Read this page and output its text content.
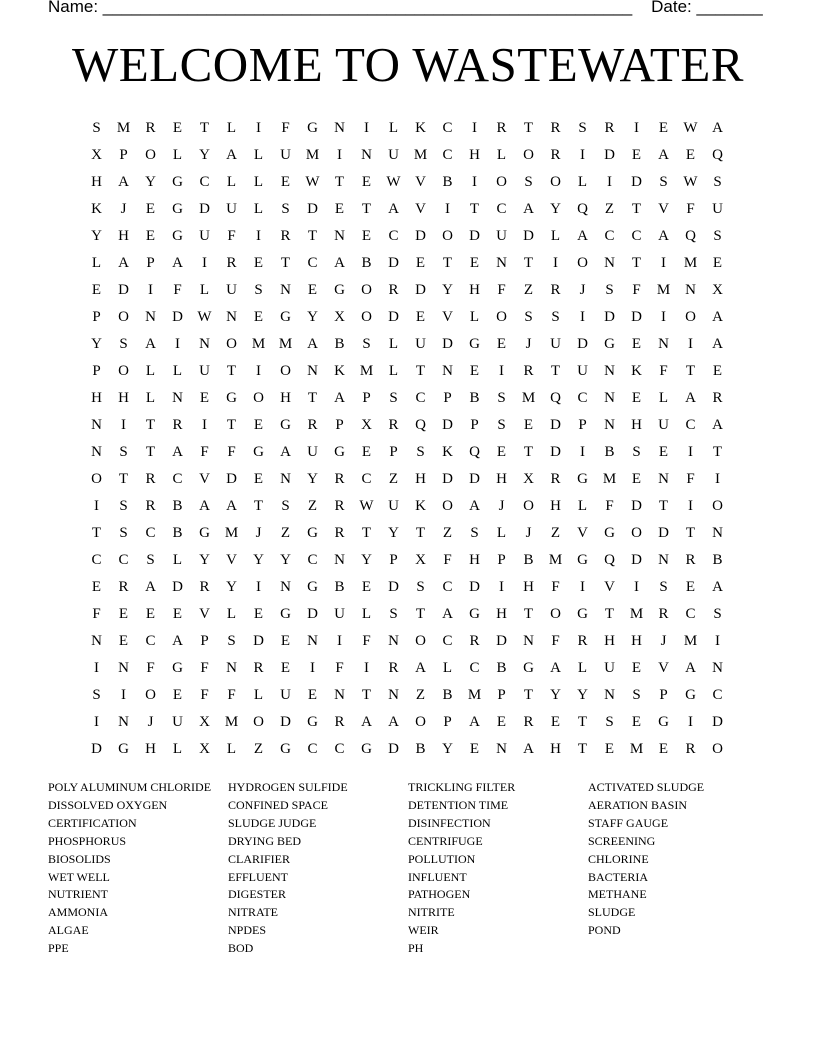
Name: ________________________________________________________    Date: _______
WELCOME TO WASTEWATER
S	M	R	E	T	L	I	F	G	N	I	L	K	C	I	R	T	R	S	R	I	E	W A
X	P	O	L	Y	A	L	U M	I	N	U M	C	H	L	O	R	I	D	E	A	E	Q
H	A	Y	G	C	L	L	E	W	T	E	W V	B	I	O	S	O	L	I	D	S	W	S
K	J	E	G	D	U	L	S	D	E	T	A	V	I	T	C	A	Y	Q	Z	T	V	F	U
Y	H	E	G	U	F	I	R	T	N	E	C	D	O	D	U	D	L	A	C	C	A	Q	S
L	A	P	A	I	R	E	T	C	A	B	D	E	T	E	N	T	I	O	N	T	I	M	E
E	D	I	F	L	U	S	N	E	G	O	R	D	Y	H	F	Z	R	J	S	F	M N	X
P	O	N	D W N	E	G	Y	X	O	D	E	V	L	O	S	S	I	D	D	I	O	A
Y	S	A	I	N	O M M A	B	S	L	U	D	G	E	J	U	D	G	E	N	I	A
P	O	L	L	U	T	I	O	N	K M	L	T	N	E	I	R	T	U	N	K	F	T	E
H	H	L	N	E	G	O	H	T	A	P	S	C	P	B	S	M Q	C	N	E	L	A	R
N	I	T	R	I	T	E	G	R	P	X	R	Q	D	P	S	E	D	P	N	H	U	C	A
N	S	T	A	F	F	G	A	U	G	E	P	S	K	Q	E	T	D	I	B	S	E	I	T
O	T	R	C	V	D	E	N	Y	R	C	Z	H	D	D	H	X	R	G M	E	N	F	I
I	S	R	B	A	A	T	S	Z	R W U	K	O	A	J	O	H	L	F	D	T	I	O
T	S	C	B	G M	J	Z	G	R	T	Y	T	Z	S	L	J	Z	V	G	O	D	T	N
C	C	S	L	Y	V	Y	Y	C	N	Y	P	X	F	H	P	B	M G	Q	D	N	R	B
E	R	A	D	R	Y	I	N	G	B	E	D	S	C	D	I	H	F	I	V	I	S	E	A
F	E	E	E	V	L	E	G	D	U	L	S	T	A	G	H	T	O	G	T	M	R	C	S
N	E	C	A	P	S	D	E	N	I	F	N	O	C	R	D	N	F	R	H	H	J	M	I
I	N	F	G	F	N	R	E	I	F	I	R	A	L	C	B	G	A	L	U	E	V	A	N
S	I	O	E	F	F	L	U	E	N	T	N	Z	B	M	P	T	Y	Y	N	S	P	G	C
I	N	J	U	X M O	D	G	R	A	A	O	P	A	E	R	E	T	S	E	G	I	D
D	G	H	L	X	L	Z	G	C	C	G	D	B	Y	E	N	A	H	T	E	M	E	R	O
POLY ALUMINUM CHLORIDE
DISSOLVED OXYGEN
CERTIFICATION
PHOSPHORUS
BIOSOLIDS
WET WELL
NUTRIENT
AMMONIA
ALGAE
PPE
HYDROGEN SULFIDE
CONFINED SPACE
SLUDGE JUDGE
DRYING BED
CLARIFIER
EFFLUENT
DIGESTER
NITRATE
NPDES
BOD
TRICKLING FILTER
DETENTION TIME
DISINFECTION
CENTRIFUGE
POLLUTION
INFLUENT
PATHOGEN
NITRITE
WEIR
PH
ACTIVATED SLUDGE
AERATION BASIN
STAFF GAUGE
SCREENING
CHLORINE
BACTERIA
METHANE
SLUDGE
POND
